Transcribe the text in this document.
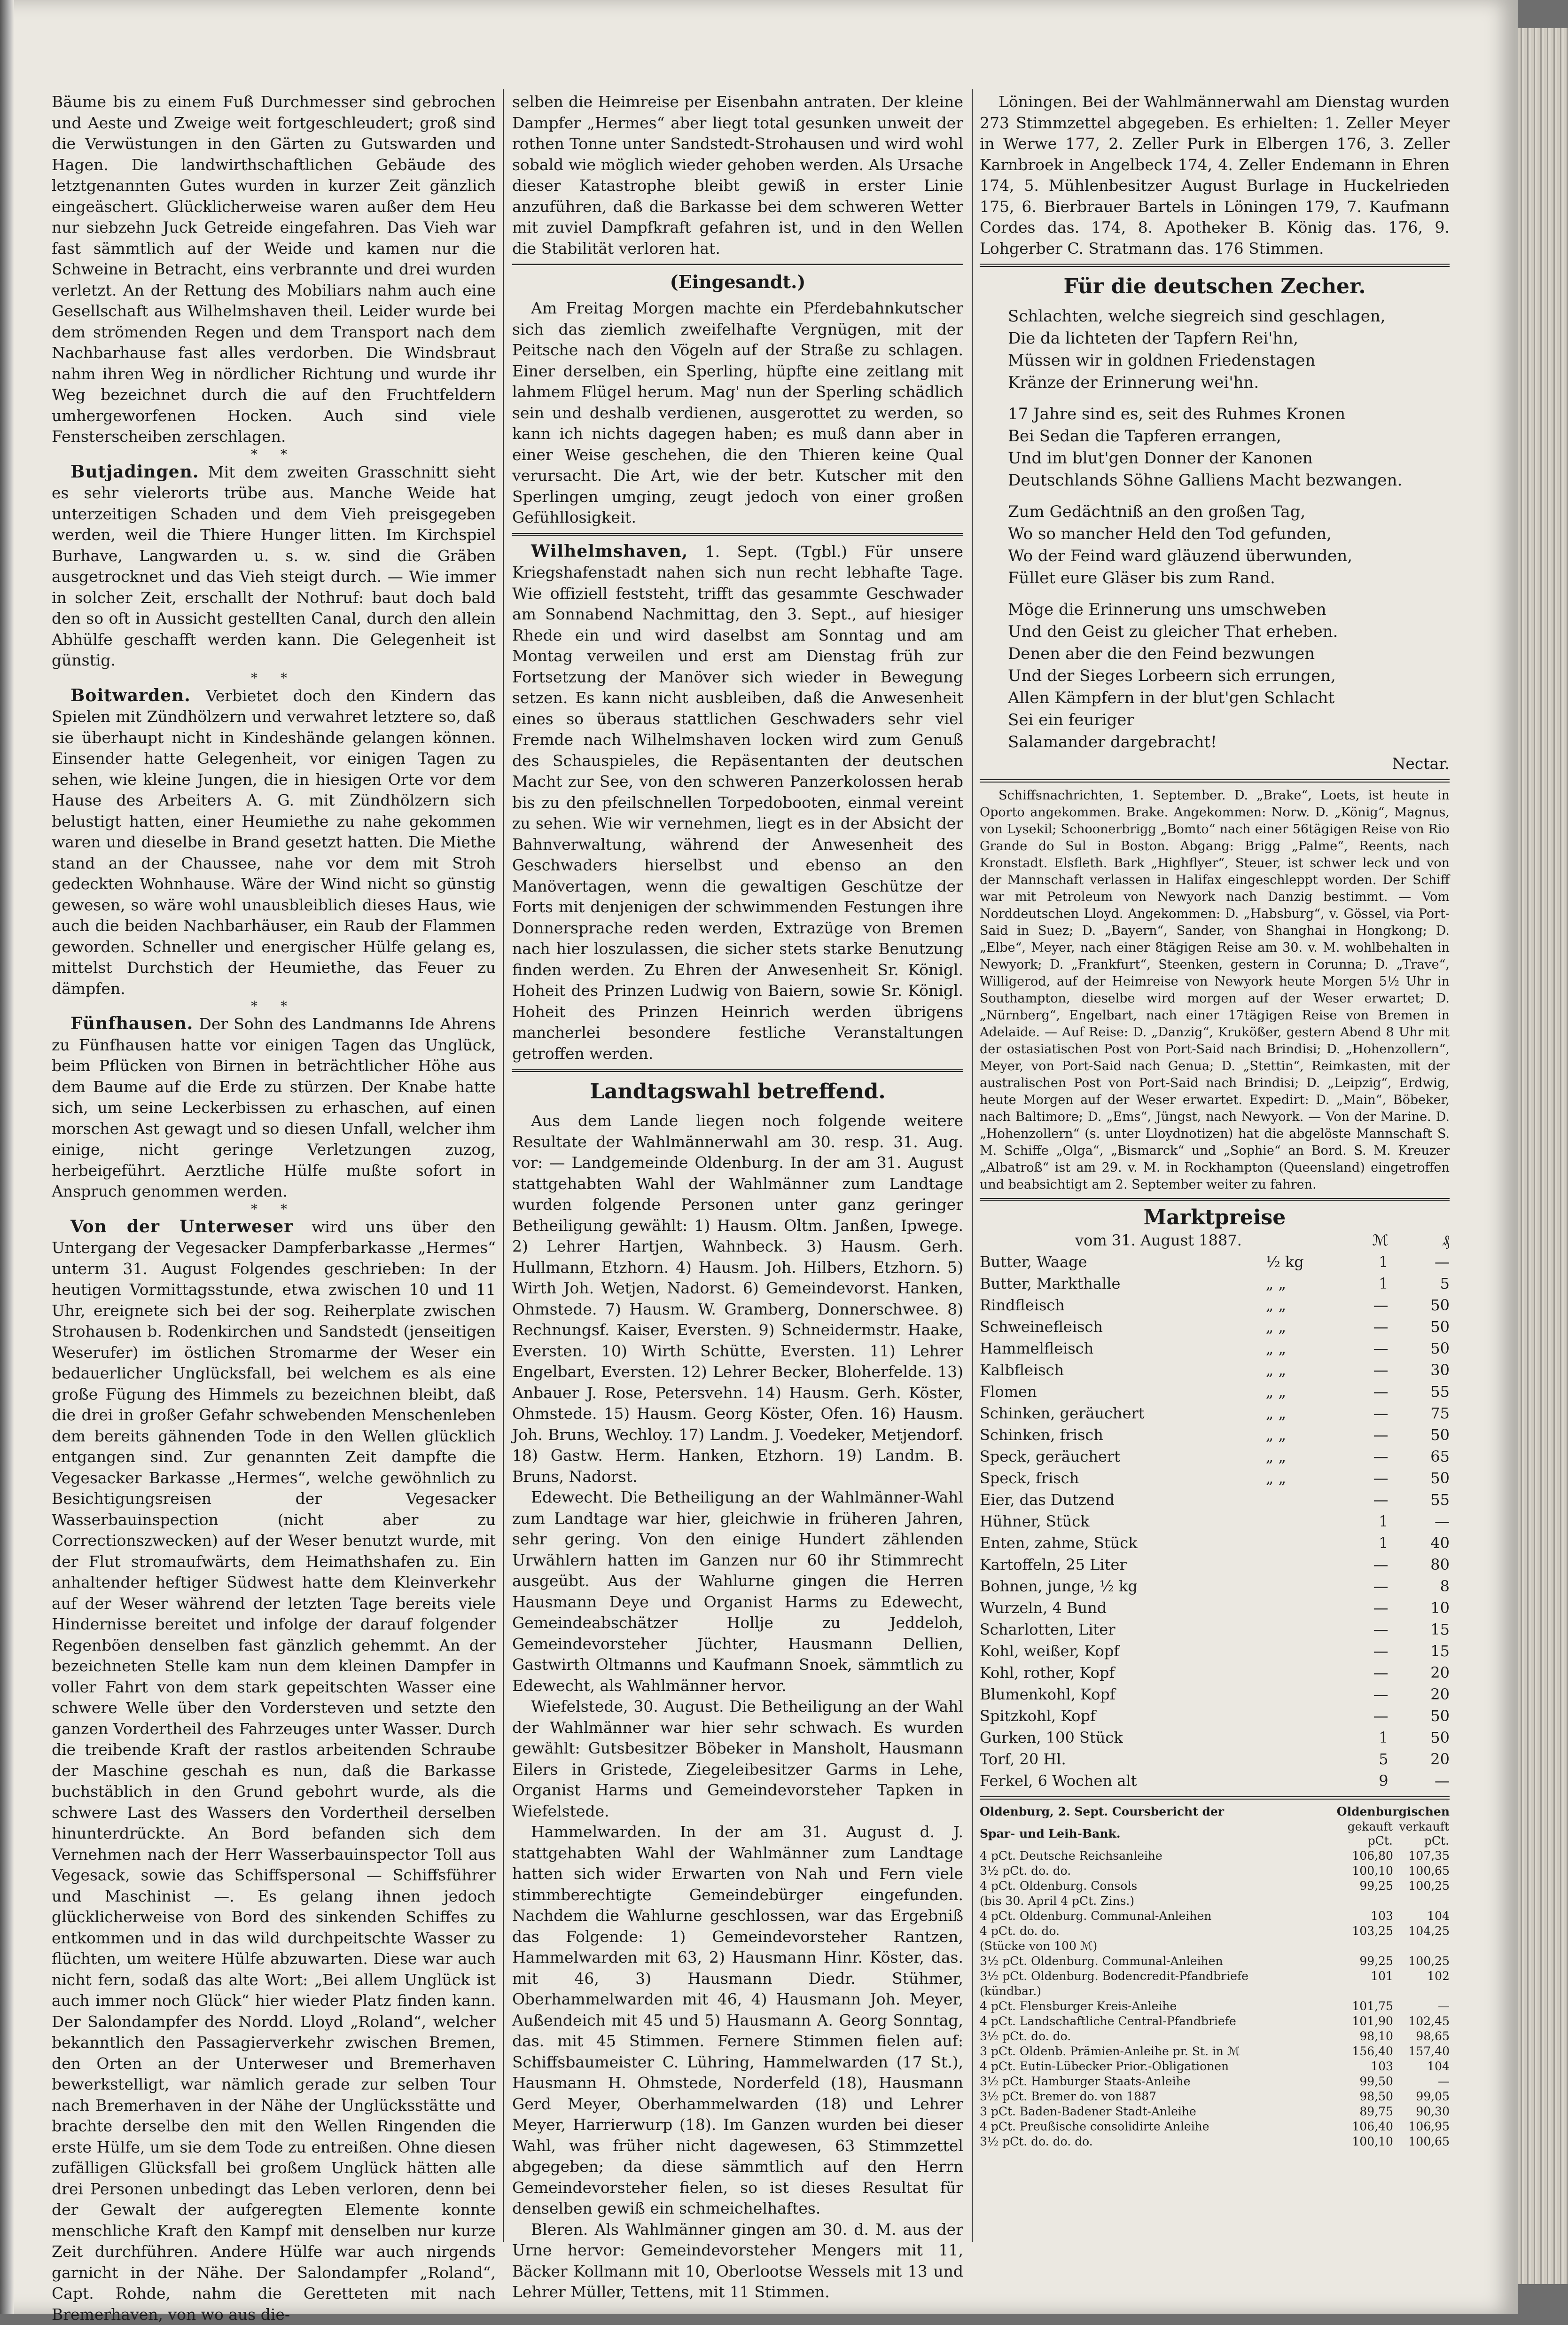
Bäume bis zu einem Fuß Durchmesser sind gebrochen und Aeste und Zweige weit fortgeschleudert; groß sind die Verwüstungen in den Gärten zu Gutswarden und Hagen. Die landwirthschaftlichen Gebäude des letztgenannten Gutes wurden in kurzer Zeit gänzlich eingeäschert. Glücklicherweise waren außer dem Heu nur siebzehn Juck Getreide eingefahren. Das Vieh war fast sämmtlich auf der Weide und kamen nur die Schweine in Betracht, eins verbrannte und drei wurden verletzt. An der Rettung des Mobiliars nahm auch eine Gesellschaft aus Wilhelmshaven theil. Leider wurde bei dem strömenden Regen und dem Transport nach dem Nachbarhause fast alles verdorben. Die Windsbraut nahm ihren Weg in nördlicher Richtung und wurde ihr Weg bezeichnet durch die auf den Fruchtfeldern umhergeworfenen Hocken. Auch sind viele Fensterscheiben zerschlagen.

* *

Butjadingen. Mit dem zweiten Grasschnitt sieht es sehr vielerorts trübe aus. Manche Weide hat unterzeitigen Schaden und dem Vieh preisgegeben werden, weil die Thiere Hunger litten. Im Kirchspiel Burhave, Langwarden u. s. w. sind die Gräben ausgetrocknet und das Vieh steigt durch. — Wie immer in solcher Zeit, erschallt der Nothruf: baut doch bald den so oft in Aussicht gestellten Canal, durch den allein Abhülfe geschafft werden kann. Die Gelegenheit ist günstig.

* *

Boitwarden. Verbietet doch den Kindern das Spielen mit Zündhölzern und verwahret letztere so, daß sie überhaupt nicht in Kindeshände gelangen können. Einsender hatte Gelegenheit, vor einigen Tagen zu sehen, wie kleine Jungen, die in hiesigen Orte vor dem Hause des Arbeiters A. G. mit Zündhölzern sich belustigt hatten, einer Heumiethe zu nahe gekommen waren und dieselbe in Brand gesetzt hatten. Die Miethe stand an der Chaussee, nahe vor dem mit Stroh gedeckten Wohnhause. Wäre der Wind nicht so günstig gewesen, so wäre wohl unausbleiblich dieses Haus, wie auch die beiden Nachbarhäuser, ein Raub der Flammen geworden. Schneller und energischer Hülfe gelang es, mittelst Durchstich der Heumiethe, das Feuer zu dämpfen.

* *

Fünfhausen. Der Sohn des Landmanns Ide Ahrens zu Fünfhausen hatte vor einigen Tagen das Unglück, beim Pflücken von Birnen in beträchtlicher Höhe aus dem Baume auf die Erde zu stürzen. Der Knabe hatte sich, um seine Leckerbissen zu erhaschen, auf einen morschen Ast gewagt und so diesen Unfall, welcher ihm einige, nicht geringe Verletzungen zuzog, herbeigeführt. Aerztliche Hülfe mußte sofort in Anspruch genommen werden.

* *

Von der Unterweser wird uns über den Untergang der Vegesacker Dampferbarkasse „Hermes“ unterm 31. August Folgendes geschrieben: In der heutigen Vormittagsstunde, etwa zwischen 10 und 11 Uhr, ereignete sich bei der sog. Reiherplate zwischen Strohausen b. Rodenkirchen und Sandstedt (jenseitigen Weserufer) im östlichen Stromarme der Weser ein bedauerlicher Unglücksfall, bei welchem es als eine große Fügung des Himmels zu bezeichnen bleibt, daß die drei in großer Gefahr schwebenden Menschenleben dem bereits gähnenden Tode in den Wellen glücklich entgangen sind. Zur genannten Zeit dampfte die Vegesacker Barkasse „Hermes“, welche gewöhnlich zu Besichtigungsreisen der Vegesacker Wasserbauinspection (nicht aber zu Correctionszwecken) auf der Weser benutzt wurde, mit der Flut stromaufwärts, dem Heimathshafen zu. Ein anhaltender heftiger Südwest hatte dem Kleinverkehr auf der Weser während der letzten Tage bereits viele Hindernisse bereitet und infolge der darauf folgender Regenböen denselben fast gänzlich gehemmt. An der bezeichneten Stelle kam nun dem kleinen Dampfer in voller Fahrt von dem stark gepeitschten Wasser eine schwere Welle über den Vordersteven und setzte den ganzen Vordertheil des Fahrzeuges unter Wasser. Durch die treibende Kraft der rastlos arbeitenden Schraube der Maschine geschah es nun, daß die Barkasse buchstäblich in den Grund gebohrt wurde, als die schwere Last des Wassers den Vordertheil derselben hinunterdrückte. An Bord befanden sich dem Vernehmen nach der Herr Wasserbauinspector Toll aus Vegesack, sowie das Schiffspersonal — Schiffsführer und Maschinist —. Es gelang ihnen jedoch glücklicherweise von Bord des sinkenden Schiffes zu entkommen und in das wild durchpeitschte Wasser zu flüchten, um weitere Hülfe abzuwarten. Diese war auch nicht fern, sodaß das alte Wort: „Bei allem Unglück ist auch immer noch Glück“ hier wieder Platz finden kann. Der Salondampfer des Nordd. Lloyd „Roland“, welcher bekanntlich den Passagierverkehr zwischen Bremen, den Orten an der Unterweser und Bremerhaven bewerkstelligt, war nämlich gerade zur selben Tour nach Bremerhaven in der Nähe der Unglücksstätte und brachte derselbe den mit den Wellen Ringenden die erste Hülfe, um sie dem Tode zu entreißen. Ohne diesen zufälligen Glücksfall bei großem Unglück hätten alle drei Personen unbedingt das Leben verloren, denn bei der Gewalt der aufgeregten Elemente konnte menschliche Kraft den Kampf mit denselben nur kurze Zeit durchführen. Andere Hülfe war auch nirgends garnicht in der Nähe. Der Salondampfer „Roland“, Capt. Rohde, nahm die Geretteten mit nach Bremerhaven, von wo aus die-

selben die Heimreise per Eisenbahn antraten. Der kleine Dampfer „Hermes“ aber liegt total gesunken unweit der rothen Tonne unter Sandstedt-Strohausen und wird wohl sobald wie möglich wieder gehoben werden. Als Ursache dieser Katastrophe bleibt gewiß in erster Linie anzuführen, daß die Barkasse bei dem schweren Wetter mit zuviel Dampfkraft gefahren ist, und in den Wellen die Stabilität verloren hat.

(Eingesandt.)

Am Freitag Morgen machte ein Pferdebahnkutscher sich das ziemlich zweifelhafte Vergnügen, mit der Peitsche nach den Vögeln auf der Straße zu schlagen. Einer derselben, ein Sperling, hüpfte eine zeitlang mit lahmem Flügel herum. Mag' nun der Sperling schädlich sein und deshalb verdienen, ausgerottet zu werden, so kann ich nichts dagegen haben; es muß dann aber in einer Weise geschehen, die den Thieren keine Qual verursacht. Die Art, wie der betr. Kutscher mit den Sperlingen umging, zeugt jedoch von einer großen Gefühllosigkeit.

Wilhelmshaven, 1. Sept. (Tgbl.) Für unsere Kriegshafenstadt nahen sich nun recht lebhafte Tage. Wie offiziell feststeht, trifft das gesammte Geschwader am Sonnabend Nachmittag, den 3. Sept., auf hiesiger Rhede ein und wird daselbst am Sonntag und am Montag verweilen und erst am Dienstag früh zur Fortsetzung der Manöver sich wieder in Bewegung setzen. Es kann nicht ausbleiben, daß die Anwesenheit eines so überaus stattlichen Geschwaders sehr viel Fremde nach Wilhelmshaven locken wird zum Genuß des Schauspieles, die Repäsentanten der deutschen Macht zur See, von den schweren Panzerkolossen herab bis zu den pfeilschnellen Torpedobooten, einmal vereint zu sehen. Wie wir vernehmen, liegt es in der Absicht der Bahnverwaltung, während der Anwesenheit des Geschwaders hierselbst und ebenso an den Manövertagen, wenn die gewaltigen Geschütze der Forts mit denjenigen der schwimmenden Festungen ihre Donnersprache reden werden, Extrazüge von Bremen nach hier loszulassen, die sicher stets starke Benutzung finden werden. Zu Ehren der Anwesenheit Sr. Königl. Hoheit des Prinzen Ludwig von Baiern, sowie Sr. Königl. Hoheit des Prinzen Heinrich werden übrigens mancherlei besondere festliche Veranstaltungen getroffen werden.

Landtagswahl betreffend.

Aus dem Lande liegen noch folgende weitere Resultate der Wahlmännerwahl am 30. resp. 31. Aug. vor: — Landgemeinde Oldenburg. In der am 31. August stattgehabten Wahl der Wahlmänner zum Landtage wurden folgende Personen unter ganz geringer Betheiligung gewählt: 1) Hausm. Oltm. Janßen, Ipwege. 2) Lehrer Hartjen, Wahnbeck. 3) Hausm. Gerh. Hullmann, Etzhorn. 4) Hausm. Joh. Hilbers, Etzhorn. 5) Wirth Joh. Wetjen, Nadorst. 6) Gemeindevorst. Hanken, Ohmstede. 7) Hausm. W. Gramberg, Donnerschwee. 8) Rechnungsf. Kaiser, Eversten. 9) Schneidermstr. Haake, Eversten. 10) Wirth Schütte, Eversten. 11) Lehrer Engelbart, Eversten. 12) Lehrer Becker, Bloherfelde. 13) Anbauer J. Rose, Petersvehn. 14) Hausm. Gerh. Köster, Ohmstede. 15) Hausm. Georg Köster, Ofen. 16) Hausm. Joh. Bruns, Wechloy. 17) Landm. J. Voedeker, Metjendorf. 18) Gastw. Herm. Hanken, Etzhorn. 19) Landm. B. Bruns, Nadorst.

Edewecht. Die Betheiligung an der Wahlmänner-Wahl zum Landtage war hier, gleichwie in früheren Jahren, sehr gering. Von den einige Hundert zählenden Urwählern hatten im Ganzen nur 60 ihr Stimmrecht ausgeübt. Aus der Wahlurne gingen die Herren Hausmann Deye und Organist Harms zu Edewecht, Gemeindeabschätzer Hollje zu Jeddeloh, Gemeindevorsteher Jüchter, Hausmann Dellien, Gastwirth Oltmanns und Kaufmann Snoek, sämmtlich zu Edewecht, als Wahlmänner hervor.

Wiefelstede, 30. August. Die Betheiligung an der Wahl der Wahlmänner war hier sehr schwach. Es wurden gewählt: Gutsbesitzer Böbeker in Mansholt, Hausmann Eilers in Gristede, Ziegeleibesitzer Garms in Lehe, Organist Harms und Gemeindevorsteher Tapken in Wiefelstede.

Hammelwarden. In der am 31. August d. J. stattgehabten Wahl der Wahlmänner zum Landtage hatten sich wider Erwarten von Nah und Fern viele stimmberechtigte Gemeindebürger eingefunden. Nachdem die Wahlurne geschlossen, war das Ergebniß das Folgende: 1) Gemeindevorsteher Rantzen, Hammelwarden mit 63, 2) Hausmann Hinr. Köster, das. mit 46, 3) Hausmann Diedr. Stühmer, Oberhammelwarden mit 46, 4) Hausmann Joh. Meyer, Außendeich mit 45 und 5) Hausmann A. Georg Sonntag, das. mit 45 Stimmen. Fernere Stimmen fielen auf: Schiffsbaumeister C. Lühring, Hammelwarden (17 St.), Hausmann H. Ohmstede, Norderfeld (18), Hausmann Gerd Meyer, Oberhammelwarden (18) und Lehrer Meyer, Harrierwurp (18). Im Ganzen wurden bei dieser Wahl, was früher nicht dagewesen, 63 Stimmzettel abgegeben; da diese sämmtlich auf den Herrn Gemeindevorsteher fielen, so ist dieses Resultat für denselben gewiß ein schmeichelhaftes.

Bleren. Als Wahlmänner gingen am 30. d. M. aus der Urne hervor: Gemeindevorsteher Mengers mit 11, Bäcker Kollmann mit 10, Oberlootse Wessels mit 13 und Lehrer Müller, Tettens, mit 11 Stimmen.

Löningen. Bei der Wahlmännerwahl am Dienstag wurden 273 Stimmzettel abgegeben. Es erhielten: 1. Zeller Meyer in Werwe 177, 2. Zeller Purk in Elbergen 176, 3. Zeller Karnbroek in Angelbeck 174, 4. Zeller Endemann in Ehren 174, 5. Mühlenbesitzer August Burlage in Huckelrieden 175, 6. Bierbrauer Bartels in Löningen 179, 7. Kaufmann Cordes das. 174, 8. Apotheker B. König das. 176, 9. Lohgerber C. Stratmann das. 176 Stimmen.

Für die deutschen Zecher.

Schlachten, welche siegreich sind geschlagen,
Die da lichteten der Tapfern Rei'hn,
Müssen wir in goldnen Friedenstagen
Kränze der Erinnerung wei'hn.
17 Jahre sind es, seit des Ruhmes Kronen
Bei Sedan die Tapferen errangen,
Und im blut'gen Donner der Kanonen
Deutschlands Söhne Galliens Macht bezwangen.
Zum Gedächtniß an den großen Tag,
Wo so mancher Held den Tod gefunden,
Wo der Feind ward gläuzend überwunden,
Füllet eure Gläser bis zum Rand.
Möge die Erinnerung uns umschweben
Und den Geist zu gleicher That erheben.
Denen aber die den Feind bezwungen
Und der Sieges Lorbeern sich errungen,
Allen Kämpfern in der blut'gen Schlacht
Sei ein feuriger
Salamander dargebracht!

Nectar.

Schiffsnachrichten, 1. September. D. „Brake“, Loets, ist heute in Oporto angekommen. Brake. Angekommen: Norw. D. „König“, Magnus, von Lysekil; Schoonerbrigg „Bomto“ nach einer 56tägigen Reise von Rio Grande do Sul in Boston. Abgang: Brigg „Palme“, Reents, nach Kronstadt. Elsfleth. Bark „Highflyer“, Steuer, ist schwer leck und von der Mannschaft verlassen in Halifax eingeschleppt worden. Der Schiff war mit Petroleum von Newyork nach Danzig bestimmt. — Vom Norddeutschen Lloyd. Angekommen: D. „Habsburg“, v. Gössel, via Port-Said in Suez; D. „Bayern“, Sander, von Shanghai in Hongkong; D. „Elbe“, Meyer, nach einer 8tägigen Reise am 30. v. M. wohlbehalten in Newyork; D. „Frankfurt“, Steenken, gestern in Corunna; D. „Trave“, Willigerod, auf der Heimreise von Newyork heute Morgen 5½ Uhr in Southampton, dieselbe wird morgen auf der Weser erwartet; D. „Nürnberg“, Engelbart, nach einer 17tägigen Reise von Bremen in Adelaide. — Auf Reise: D. „Danzig“, Krukößer, gestern Abend 8 Uhr mit der ostasiatischen Post von Port-Said nach Brindisi; D. „Hohenzollern“, Meyer, von Port-Said nach Genua; D. „Stettin“, Reimkasten, mit der australischen Post von Port-Said nach Brindisi; D. „Leipzig“, Erdwig, heute Morgen auf der Weser erwartet. Expedirt: D. „Main“, Böbeker, nach Baltimore; D. „Ems“, Jüngst, nach Newyork. — Von der Marine. D. „Hohenzollern“ (s. unter Lloydnotizen) hat die abgelöste Mannschaft S. M. Schiffe „Olga“, „Bismarck“ und „Sophie“ an Bord. S. M. Kreuzer „Albatroß“ ist am 29. v. M. in Rockhampton (Queensland) eingetroffen und beabsichtigt am 2. September weiter zu fahren.

Marktpreise

vom 31. August 1887.		ℳ	₰
Butter, Waage	½ kg	1	—
Butter, Markthalle	„ „	1	5
Rindfleisch	„ „	—	50
Schweinefleisch	„ „	—	50
Hammelfleisch	„ „	—	50
Kalbfleisch	„ „	—	30
Flomen	„ „	—	55
Schinken, geräuchert	„ „	—	75
Schinken, frisch	„ „	—	50
Speck, geräuchert	„ „	—	65
Speck, frisch	„ „	—	50
Eier, das Dutzend		—	55
Hühner, Stück		1	—
Enten, zahme, Stück		1	40
Kartoffeln, 25 Liter		—	80
Bohnen, junge, ½ kg		—	8
Wurzeln, 4 Bund		—	10
Scharlotten, Liter		—	15
Kohl, weißer, Kopf		—	15
Kohl, rother, Kopf		—	20
Blumenkohl, Kopf		—	20
Spitzkohl, Kopf		—	50
Gurken, 100 Stück		1	50
Torf, 20 Hl.		5	20
Ferkel, 6 Wochen alt		9	—
Oldenburg, 2. Sept. Coursbericht der	Oldenburgischen	
Spar- und Leih-Bank.	gekauft pCt.	verkauft pCt.
4 pCt. Deutsche Reichsanleihe	106,80	107,35
3½ pCt. do. do.	100,10	100,65
4 pCt. Oldenburg. Consols	99,25	100,25
(bis 30. April 4 pCt. Zins.)		
4 pCt. Oldenburg. Communal-Anleihen	103	104
4 pCt. do. do.	103,25	104,25
(Stücke von 100 ℳ)		
3½ pCt. Oldenburg. Communal-Anleihen	99,25	100,25
3½ pCt. Oldenburg. Bodencredit-Pfandbriefe	101	102
(kündbar.)		
4 pCt. Flensburger Kreis-Anleihe	101,75	—
4 pCt. Landschaftliche Central-Pfandbriefe	101,90	102,45
3½ pCt. do. do.	98,10	98,65
3 pCt. Oldenb. Prämien-Anleihe pr. St. in ℳ	156,40	157,40
4 pCt. Eutin-Lübecker Prior.-Obligationen	103	104
3½ pCt. Hamburger Staats-Anleihe	99,50	—
3½ pCt. Bremer do. von 1887	98,50	99,05
3 pCt. Baden-Badener Stadt-Anleihe	89,75	90,30
4 pCt. Preußische consolidirte Anleihe	106,40	106,95
3½ pCt. do. do. do.	100,10	100,65
